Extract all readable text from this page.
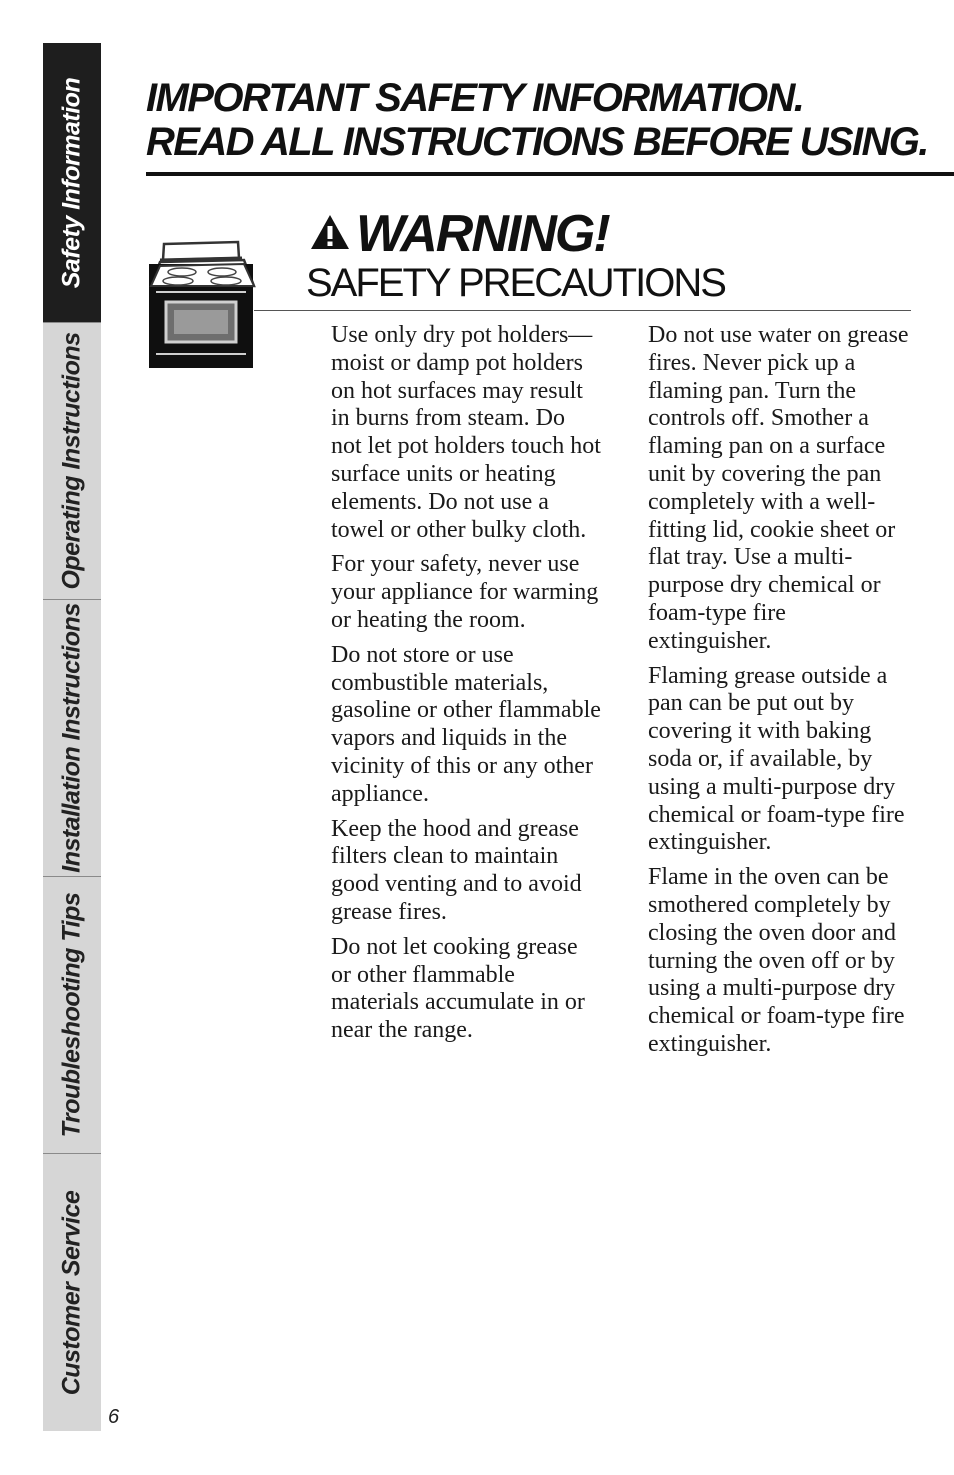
Safety Information
Operating Instructions
Installation Instructions
Troubleshooting Tips
Customer Service

IMPORTANT SAFETY INFORMATION.

READ ALL INSTRUCTIONS BEFORE USING.

WARNING!
SAFETY PRECAUTIONS

Use only dry pot holders—moist or damp pot holders on hot surfaces may result in burns from steam. Do not let pot holders touch hot surface units or heating elements. Do not use a towel or other bulky cloth.

For your safety, never use your appliance for warming or heating the room.

Do not store or use combustible materials, gasoline or other flammable vapors and liquids in the vicinity of this or any other appliance.

Keep the hood and grease filters clean to maintain good venting and to avoid grease fires.

Do not let cooking grease or other flammable materials accumulate in or near the range.

Do not use water on grease fires. Never pick up a flaming pan. Turn the controls off. Smother a flaming pan on a surface unit by covering the pan completely with a well-fitting lid, cookie sheet or flat tray. Use a multi-purpose dry chemical or foam-type fire extinguisher.

Flaming grease outside a pan can be put out by covering it with baking soda or, if available, by using a multi-purpose dry chemical or foam-type fire extinguisher.

Flame in the oven can be smothered completely by closing the oven door and turning the oven off or by using a multi-purpose dry chemical or foam-type fire extinguisher.

6
